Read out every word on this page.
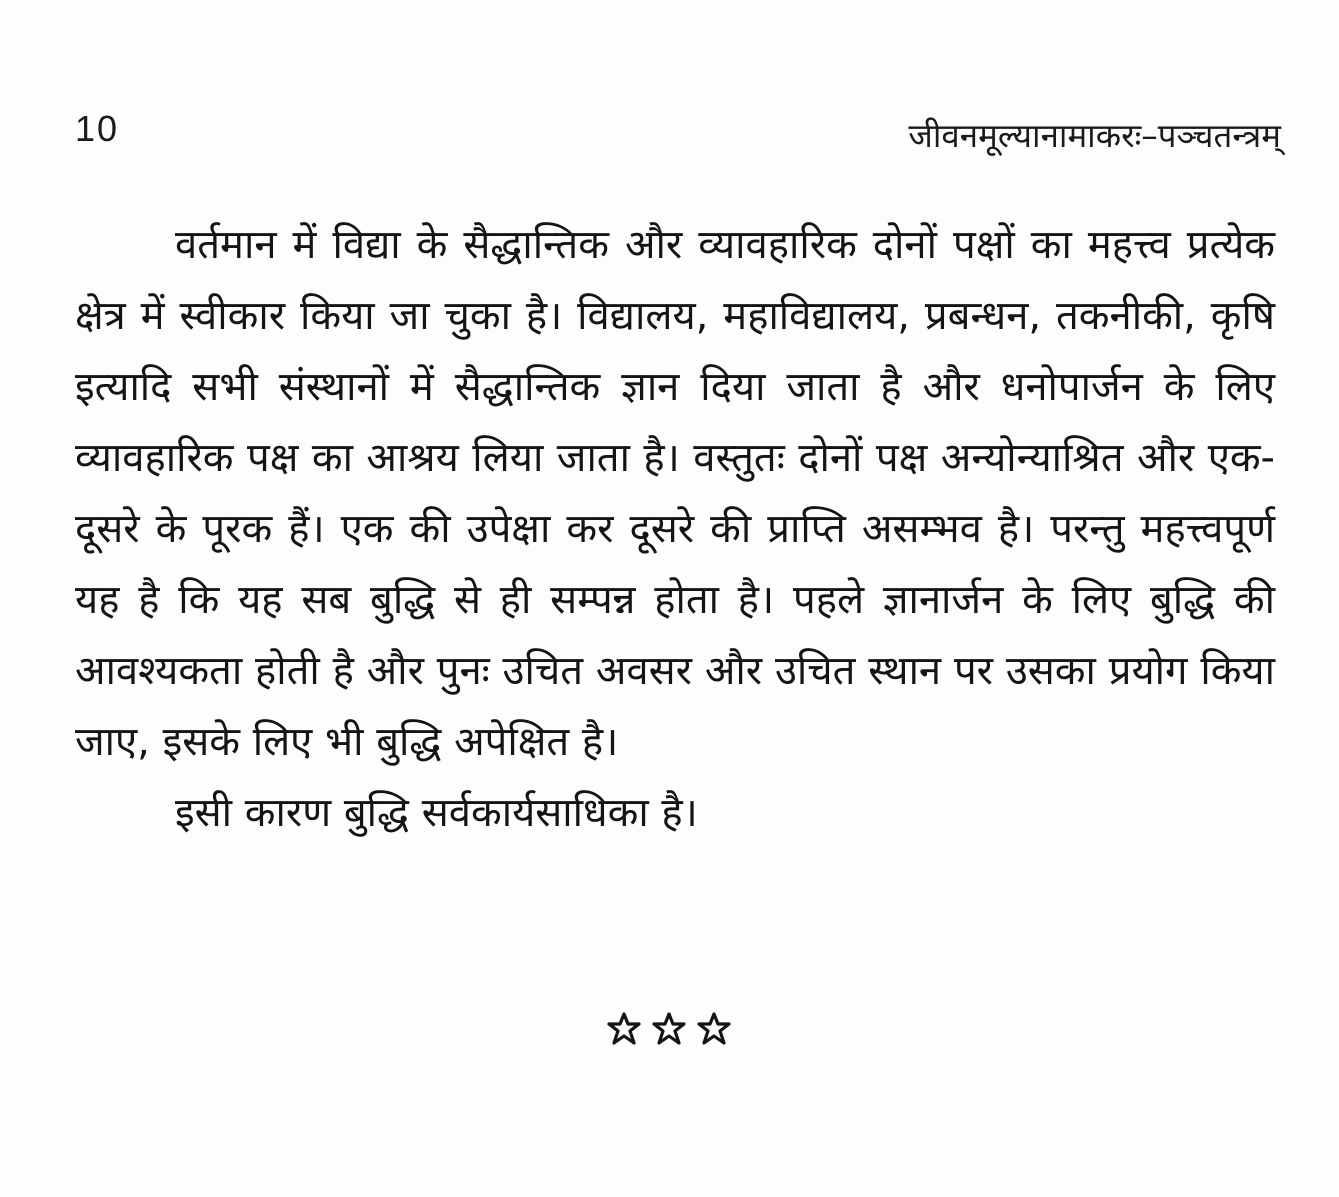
10	जीवनमूल्यानामाकरः–पञ्चतन्त्रम्

वर्तमान में विद्या के सैद्धान्तिक और व्यावहारिक दोनों पक्षों का महत्त्व प्रत्येक क्षेत्र में स्वीकार किया जा चुका है। विद्यालय, महाविद्यालय, प्रबन्धन, तकनीकी, कृषि इत्यादि सभी संस्थानों में सैद्धान्तिक ज्ञान दिया जाता है और धनोपार्जन के लिए व्यावहारिक पक्ष का आश्रय लिया जाता है। वस्तुतः दोनों पक्ष अन्योन्याश्रित और एक-दूसरे के पूरक हैं। एक की उपेक्षा कर दूसरे की प्राप्ति असम्भव है। परन्तु महत्त्वपूर्ण यह है कि यह सब बुद्धि से ही सम्पन्न होता है। पहले ज्ञानार्जन के लिए बुद्धि की आवश्यकता होती है और पुनः उचित अवसर और उचित स्थान पर उसका प्रयोग किया जाए, इसके लिए भी बुद्धि अपेक्षित है।

इसी कारण बुद्धि सर्वकार्यसाधिका है।
